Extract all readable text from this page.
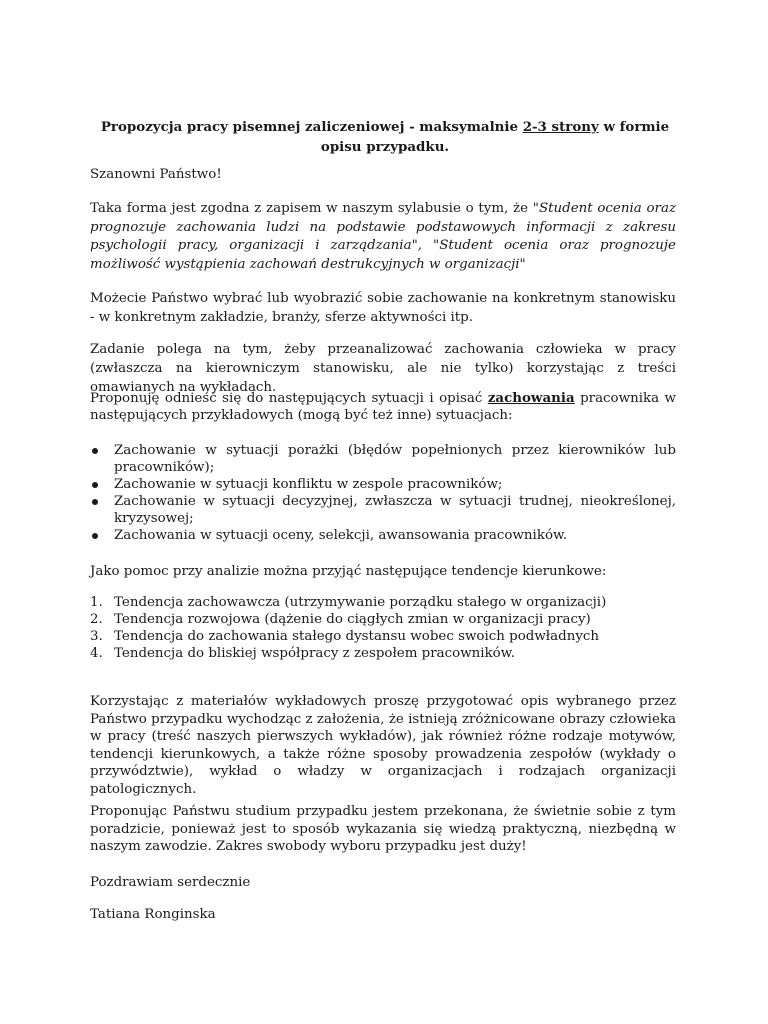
Propozycja pracy pisemnej zaliczeniowej - maksymalnie 2-3 strony w formie opisu przypadku.

Szanowni Państwo!

Taka forma jest zgodna z zapisem w naszym sylabusie o tym, że "Student ocenia oraz prognozuje zachowania ludzi na podstawie podstawowych informacji z zakresu psychologii pracy, organizacji i zarządzania", "Student ocenia oraz prognozuje możliwość wystąpienia zachowań destrukcyjnych w organizacji"

Możecie Państwo wybrać lub wyobrazić sobie zachowanie na konkretnym stanowisku - w konkretnym zakładzie, branży, sferze aktywności itp.

Zadanie polega na tym, żeby przeanalizować zachowania człowieka w pracy (zwłaszcza na kierowniczym stanowisku, ale nie tylko) korzystając z treści omawianych na wykładach.

Proponuję odnieść się do następujących sytuacji i opisać zachowania pracownika w następujących przykładowych (mogą być też inne) sytuacjach:

Zachowanie w sytuacji porażki (błędów popełnionych przez kierowników lub pracowników);
Zachowanie w sytuacji konfliktu w zespole pracowników;
Zachowanie w sytuacji decyzyjnej, zwłaszcza w sytuacji trudnej, nieokreślonej, kryzysowej;
Zachowania w sytuacji oceny, selekcji, awansowania pracowników.

Jako pomoc przy analizie można przyjąć następujące tendencje kierunkowe:

1. Tendencja zachowawcza (utrzymywanie porządku stałego w organizacji)
2. Tendencja rozwojowa (dążenie do ciągłych zmian w organizacji pracy)
3. Tendencja do zachowania stałego dystansu wobec swoich podwładnych
4. Tendencja do bliskiej współpracy z zespołem pracowników.

Korzystając z materiałów wykładowych proszę przygotować opis wybranego przez Państwo przypadku wychodząc z założenia, że istnieją zróżnicowane obrazy człowieka w pracy (treść naszych pierwszych wykładów), jak również różne rodzaje motywów, tendencji kierunkowych, a także różne sposoby prowadzenia zespołów (wykłady o przywództwie), wykład o władzy w organizacjach i rodzajach organizacji patologicznych.

Proponując Państwu studium przypadku jestem przekonana, że świetnie sobie z tym poradzicie, ponieważ jest to sposób wykazania się wiedzą praktyczną, niezbędną w naszym zawodzie. Zakres swobody wyboru przypadku jest duży!

Pozdrawiam serdecznie

Tatiana Ronginska
